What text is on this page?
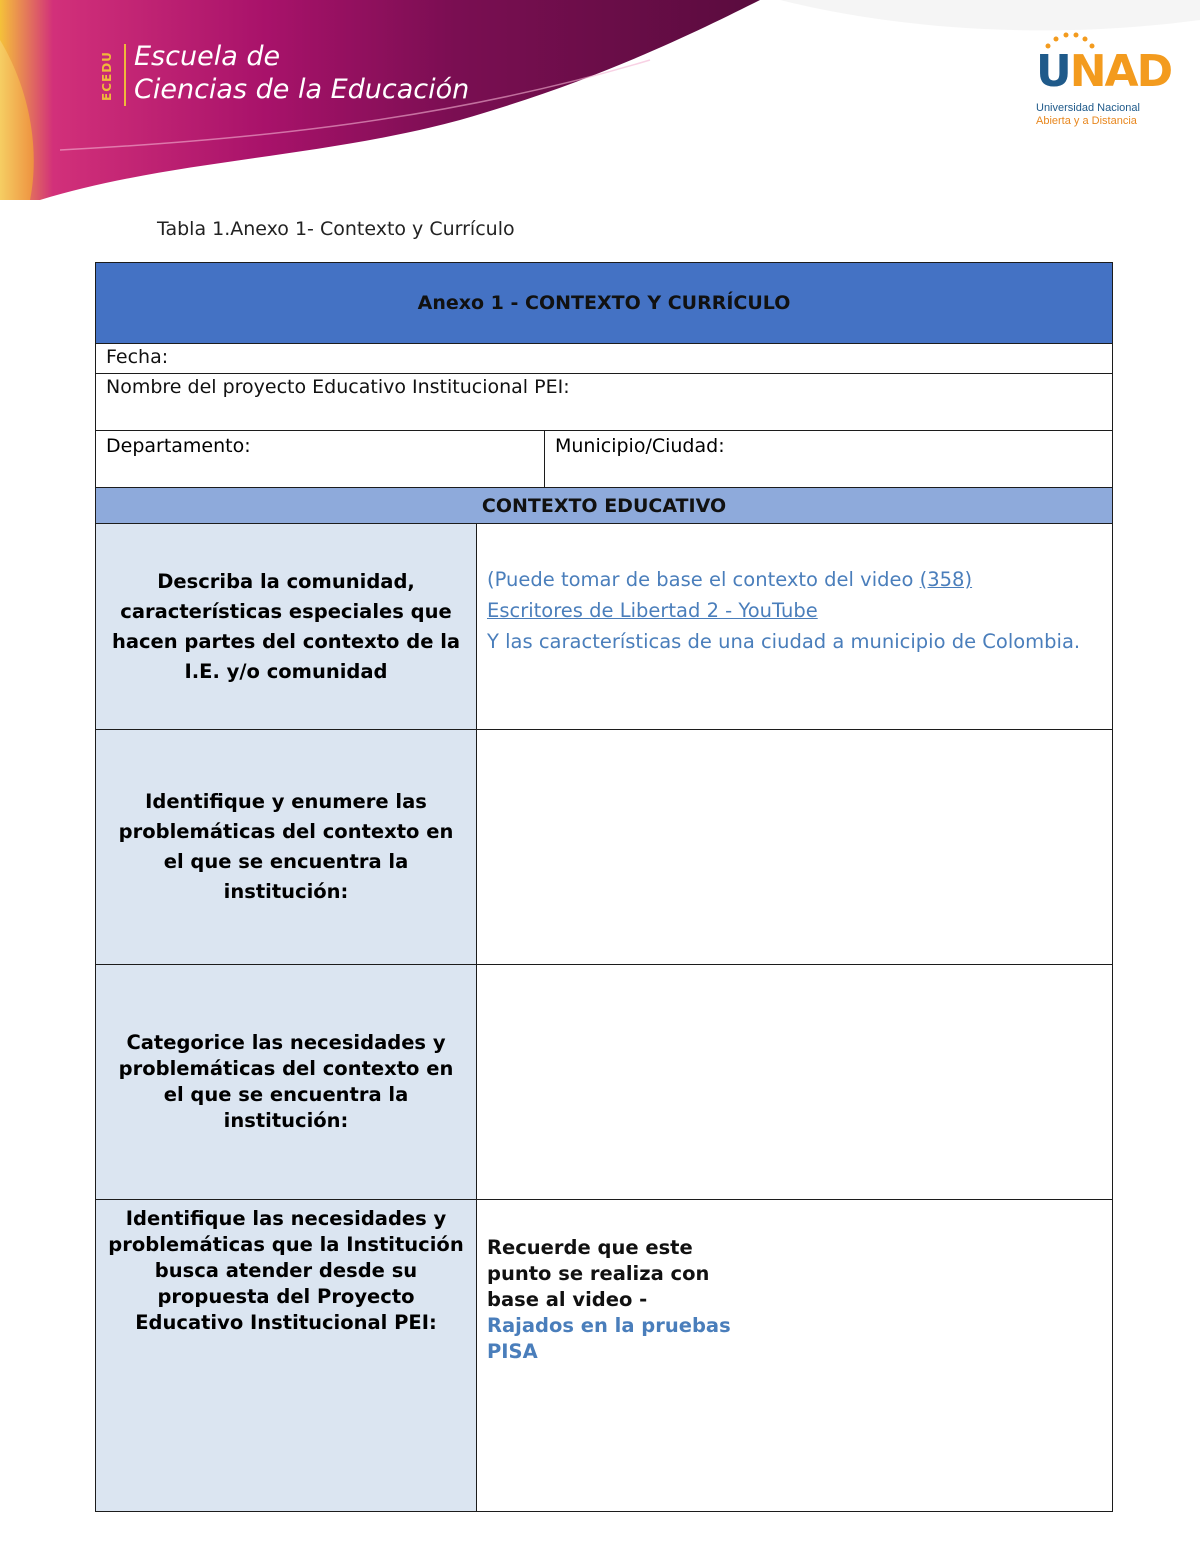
ECEDU Escuela de
Ciencias de la Educación	UNAD
Universidad Nacional
Abierta y a Distancia
Tabla 1.Anexo 1- Contexto y Currículo
Anexo 1 - CONTEXTO Y CURRÍCULO
Fecha:
Nombre del proyecto Educativo Institucional PEI:
Departamento:	Municipio/Ciudad:
CONTEXTO EDUCATIVO
Describa la comunidad, características especiales que hacen partes del contexto de la I.E. y/o comunidad
(Puede tomar de base el contexto del video (358)
Escritores de Libertad 2 - YouTube
Y las características de una ciudad a municipio de Colombia.
Identifique y enumere las problemáticas del contexto en el que se encuentra la institución:
Categorice las necesidades y problemáticas del contexto en el que se encuentra la institución:
Identifique las necesidades y problemáticas que la Institución busca atender desde su propuesta del Proyecto Educativo Institucional PEI:
Recuerde que este
punto se realiza con
base al video -
Rajados en la pruebas
PISA
